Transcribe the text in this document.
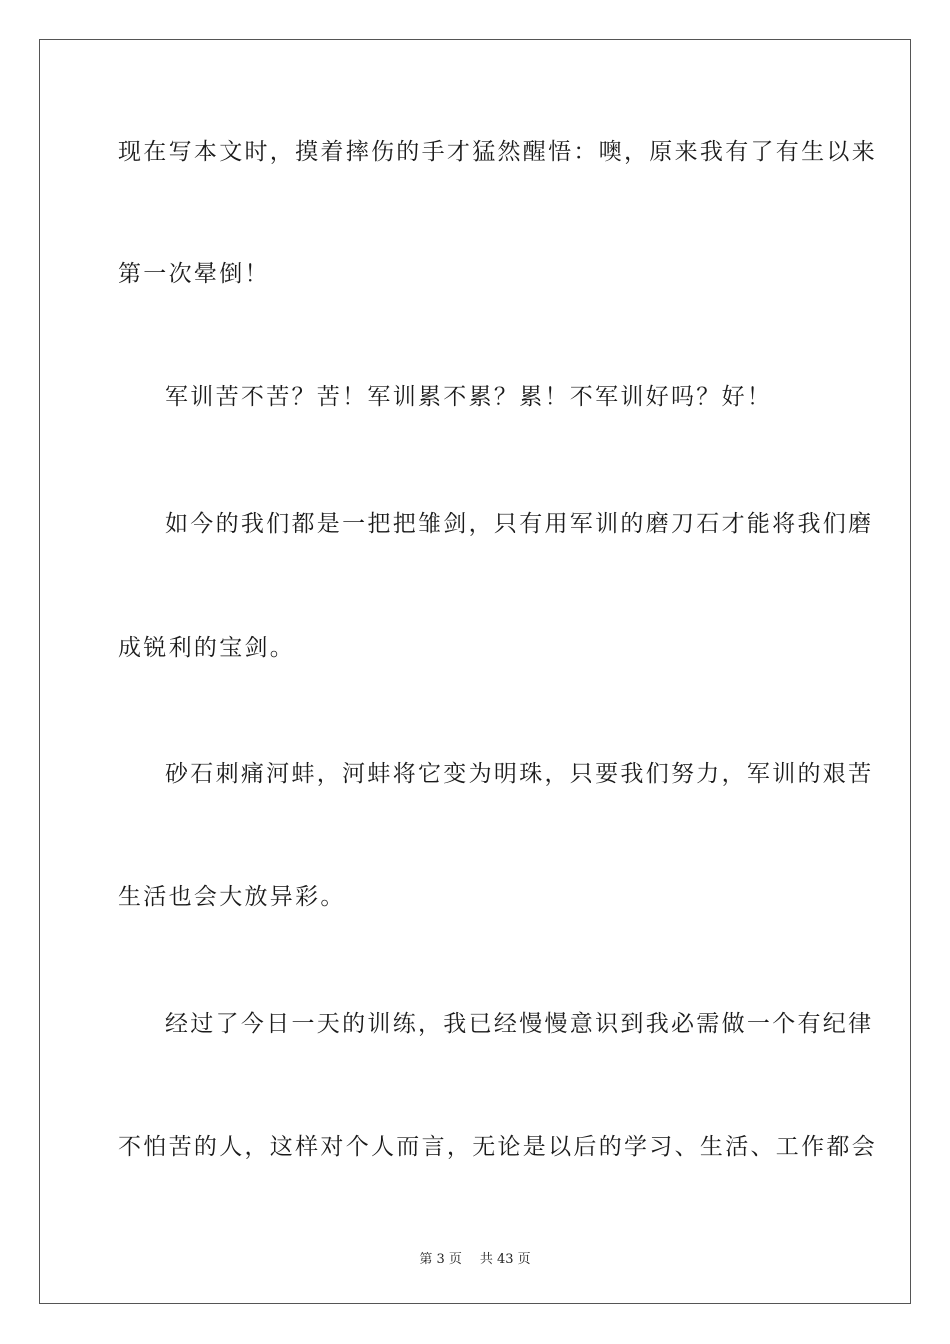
现在写本文时，摸着摔伤的手才猛然醒悟：噢，原来我有了有生以来
第一次晕倒！
军训苦不苦？苦！军训累不累？累！不军训好吗？好！
如今的我们都是一把把雏剑，只有用军训的磨刀石才能将我们磨
成锐利的宝剑。
砂石刺痛河蚌，河蚌将它变为明珠，只要我们努力，军训的艰苦
生活也会大放异彩。
经过了今日一天的训练，我已经慢慢意识到我必需做一个有纪律
不怕苦的人，这样对个人而言，无论是以后的学习、生活、工作都会
第 3 页 共 43 页
